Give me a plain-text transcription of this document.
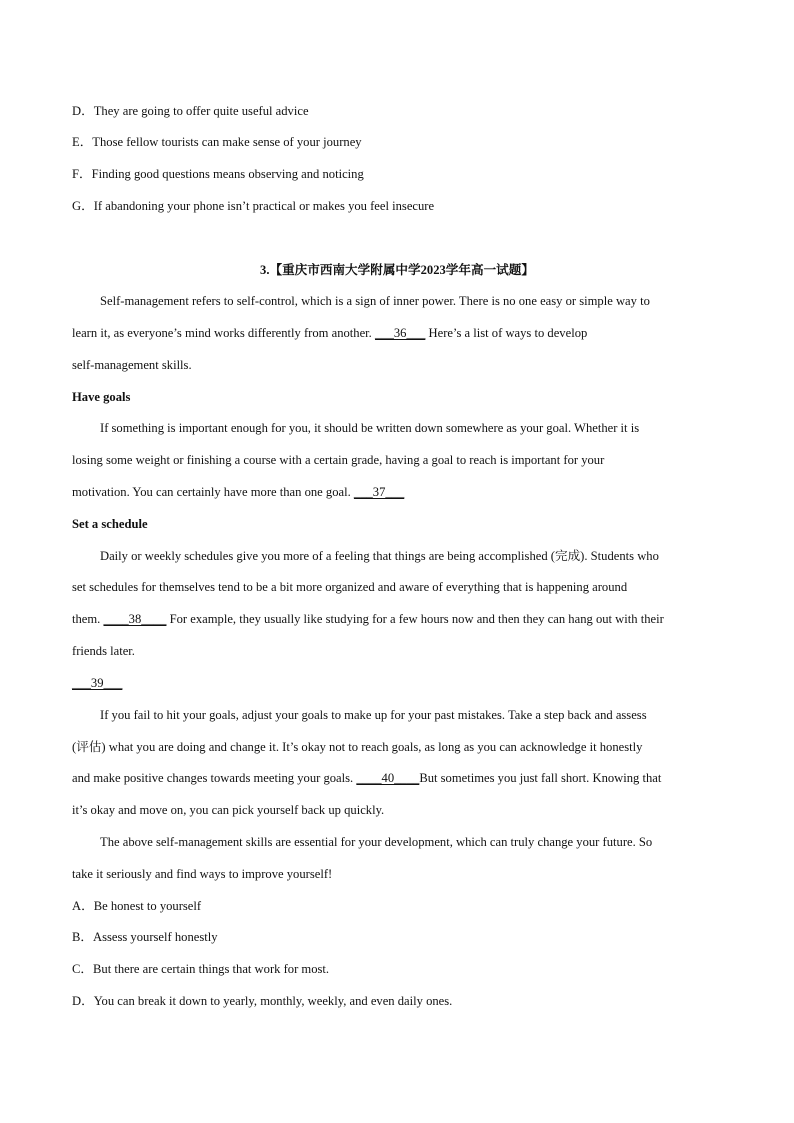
D．They are going to offer quite useful advice
E．Those fellow tourists can make sense of your journey
F．Finding good questions means observing and noticing
G．If abandoning your phone isn’t practical or makes you feel insecure
3.【重庆市西南大学附属中学2023学年高一试题】
Self-management refers to self-control, which is a sign of inner power. There is no one easy or simple way to
learn it, as everyone’s mind works differently from another. ___36___ Here’s a list of ways to develop
self-management skills.
Have goals
If something is important enough for you, it should be written down somewhere as your goal. Whether it is
losing some weight or finishing a course with a certain grade, having a goal to reach is important for your
motivation. You can certainly have more than one goal. ___37___
Set a schedule
Daily or weekly schedules give you more of a feeling that things are being accomplished (完成). Students who
set schedules for themselves tend to be a bit more organized and aware of everything that is happening around
them. ____38____ For example, they usually like studying for a few hours now and then they can hang out with their
friends later.
___39___
If you fail to hit your goals, adjust your goals to make up for your past mistakes. Take a step back and assess
(评估) what you are doing and change it. It’s okay not to reach goals, as long as you can acknowledge it honestly
and make positive changes towards meeting your goals. ____40____But sometimes you just fall short. Knowing that
it’s okay and move on, you can pick yourself back up quickly.
The above self-management skills are essential for your development, which can truly change your future. So
take it seriously and find ways to improve yourself!
A．Be honest to yourself
B．Assess yourself honestly
C．But there are certain things that work for most.
D．You can break it down to yearly, monthly, weekly, and even daily ones.
